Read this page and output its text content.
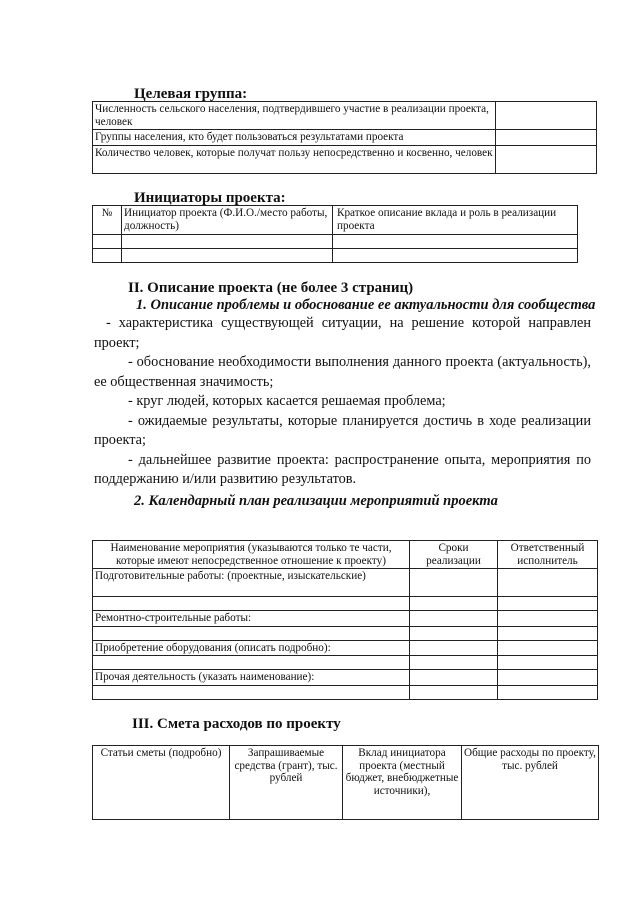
Целевая группа:
Численность сельского населения, подтвердившего участие в реализации проекта, человек	
Группы населения, кто будет пользоваться результатами проекта	
Количество человек, которые получат пользу непосредственно и косвенно, человек	
Инициаторы проекта:
№	Инициатор проекта (Ф.И.О./место работы, должность)	Краткое описание вклада и роль в реализации проекта

II. Описание проекта (не более 3 страниц)
1. Описание проблемы и обоснование ее актуальности для сообщества
- характеристика существующей ситуации, на решение которой направлен проект;
- обоснование необходимости выполнения данного проекта (актуальность), ее общественная значимость;
- круг людей, которых касается решаемая проблема;
- ожидаемые результаты, которые планируется достичь в ходе реализации проекта;
- дальнейшее развитие проекта: распространение опыта, мероприятия по поддержанию и/или развитию результатов.
2. Календарный план реализации мероприятий проекта
Наименование мероприятия (указываются только те части, которые имеют непосредственное отношение к проекту)	Сроки реализации	Ответственный исполнитель
Подготовительные работы: (проектные, изыскательские)		

Ремонтно-строительные работы:		

Приобретение оборудования (описать подробно):		

Прочая деятельность (указать наименование):		

III. Смета расходов по проекту
Статьи сметы (подробно)	Запрашиваемые средства (грант), тыс. рублей	Вклад инициатора проекта (местный бюджет, внебюджетные источники),	Общие расходы по проекту, тыс. рублей
